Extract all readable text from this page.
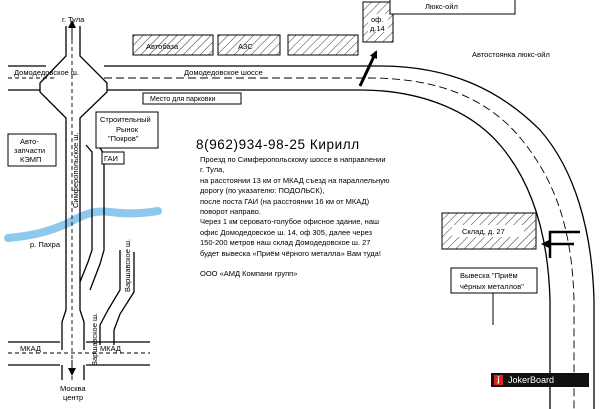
г. Тула
Люкс-ойл
оф.
д.14
Автостоянка люкс-ойл
Автобаза	АЗС
Домодедовское ш.	Домодедовское шоссе
Место для парковки
Авто-
запчасти
КЭМП
Строительный
Рынок
"Покров"
ГАИ
Симферопольское ш.
Варшавское ш.
Варшавское ш.
р. Пахра
МКАД	МКАД
Москва
центр
Склад, д. 27
Вывеска "Приём
чёрных металлов"
8(962)934-98-25 Кирилл
Проезд по Симферопольскому шоссе в направлении
г. Тула,
на расстоянии 13 км от МКАД съезд на параллельную
дорогу (по указателю: ПОДОЛЬСК),
после поста ГАИ (на расстоянии 16 км от МКАД)
поворот направо.
Через 1 км серовато-голубое офисное здание, наш
офис Домодедовское ш. 14, оф 305, далее через
150-200 метров наш склад Домодедовское ш. 27
будет вывеска «Приём чёрного металла» Вам туда!
ООО «АМД Компани групп»
j JokerBoard
